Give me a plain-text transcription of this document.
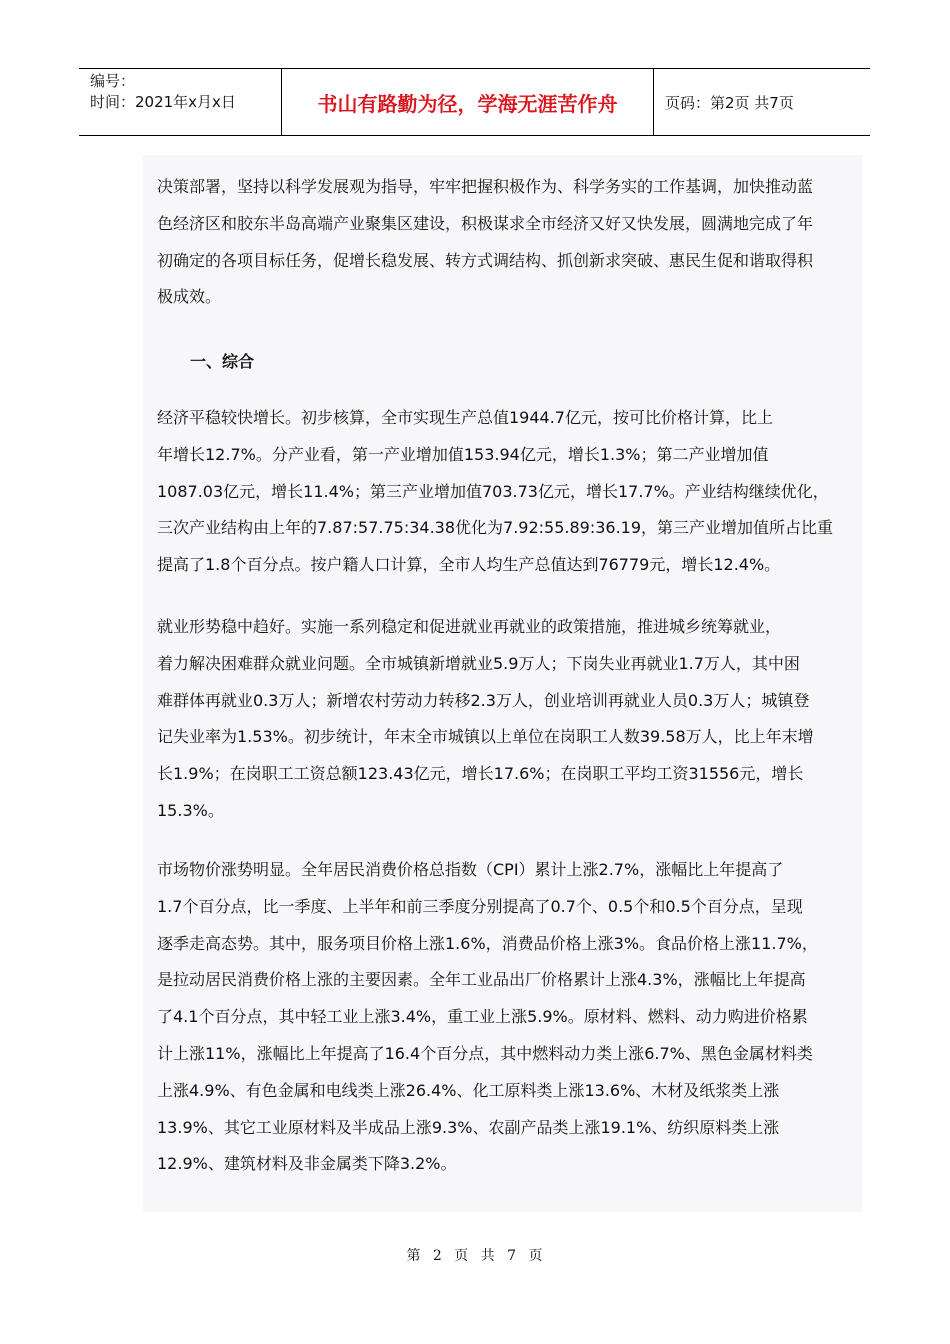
编号：
时间：2021年x月x日	书山有路勤为径，学海无涯苦作舟	页码：第2页 共7页
决策部署，坚持以科学发展观为指导，牢牢把握积极作为、科学务实的工作基调，加快推动蓝
色经济区和胶东半岛高端产业聚集区建设，积极谋求全市经济又好又快发展，圆满地完成了年
初确定的各项目标任务，促增长稳发展、转方式调结构、抓创新求突破、惠民生促和谐取得积
极成效。
一、综合
经济平稳较快增长。初步核算，全市实现生产总值1944.7亿元，按可比价格计算，比上
年增长12.7%。分产业看，第一产业增加值153.94亿元，增长1.3%；第二产业增加值
1087.03亿元，增长11.4%；第三产业增加值703.73亿元，增长17.7%。产业结构继续优化，
三次产业结构由上年的7.87:57.75:34.38优化为7.92:55.89:36.19，第三产业增加值所占比重
提高了1.8个百分点。按户籍人口计算，全市人均生产总值达到76779元，增长12.4%。
就业形势稳中趋好。实施一系列稳定和促进就业再就业的政策措施，推进城乡统筹就业，
着力解决困难群众就业问题。全市城镇新增就业5.9万人；下岗失业再就业1.7万人，其中困
难群体再就业0.3万人；新增农村劳动力转移2.3万人，创业培训再就业人员0.3万人；城镇登
记失业率为1.53%。初步统计，年末全市城镇以上单位在岗职工人数39.58万人，比上年末增
长1.9%；在岗职工工资总额123.43亿元，增长17.6%；在岗职工平均工资31556元，增长
15.3%。
市场物价涨势明显。全年居民消费价格总指数（CPI）累计上涨2.7%，涨幅比上年提高了
1.7个百分点，比一季度、上半年和前三季度分别提高了0.7个、0.5个和0.5个百分点，呈现
逐季走高态势。其中，服务项目价格上涨1.6%，消费品价格上涨3%。食品价格上涨11.7%，
是拉动居民消费价格上涨的主要因素。全年工业品出厂价格累计上涨4.3%，涨幅比上年提高
了4.1个百分点，其中轻工业上涨3.4%，重工业上涨5.9%。原材料、燃料、动力购进价格累
计上涨11%，涨幅比上年提高了16.4个百分点，其中燃料动力类上涨6.7%、黑色金属材料类
上涨4.9%、有色金属和电线类上涨26.4%、化工原料类上涨13.6%、木材及纸浆类上涨
13.9%、其它工业原材料及半成品上涨9.3%、农副产品类上涨19.1%、纺织原料类上涨
12.9%、建筑材料及非金属类下降3.2%。
第 2 页 共 7 页
